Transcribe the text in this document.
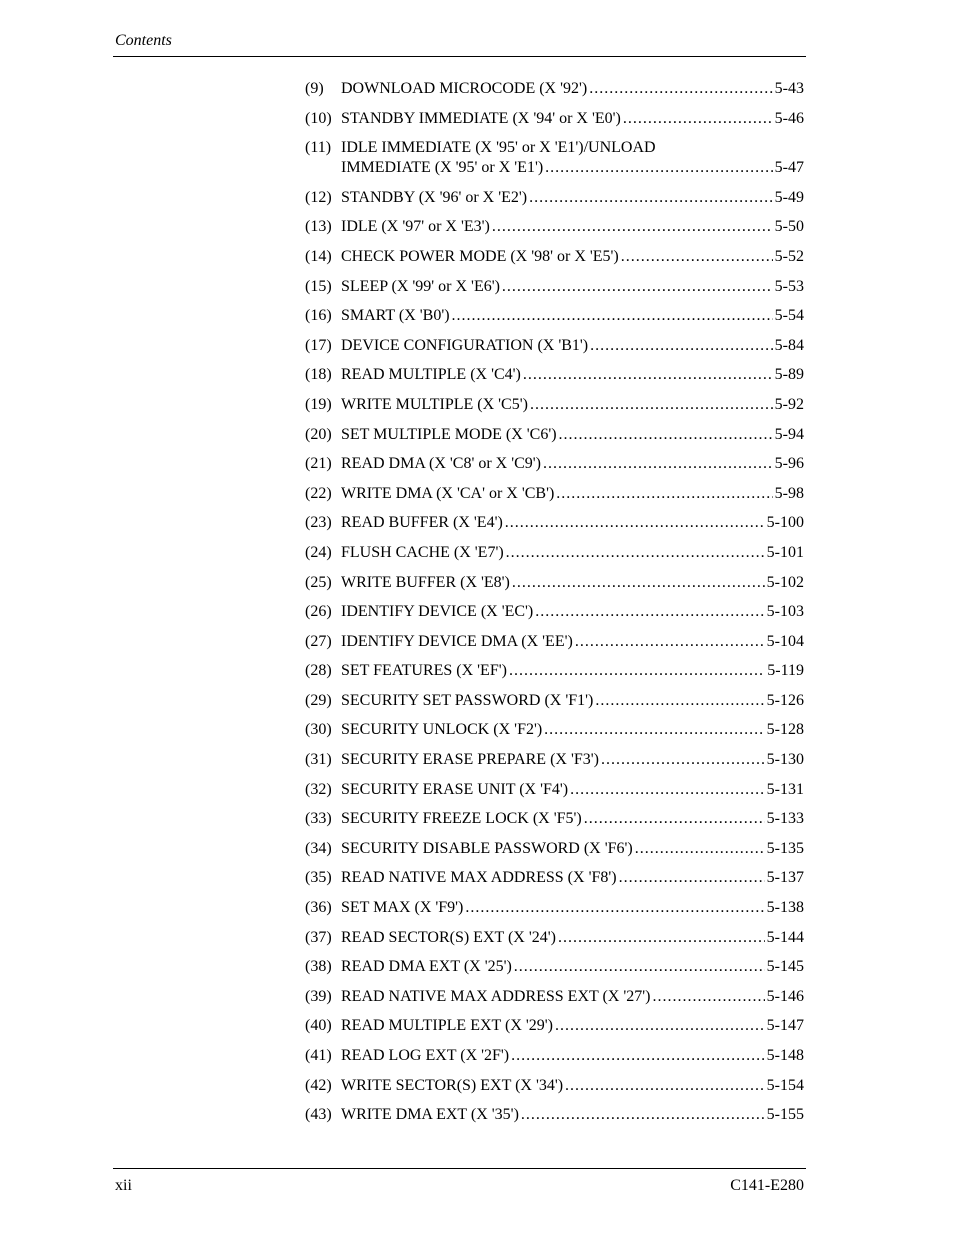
Contents
(9)	DOWNLOAD MICROCODE (X '92') .....	5-43
(10) STANDBY IMMEDIATE (X '94' or X 'E0') .....	5-46
(11) IDLE IMMEDIATE (X '95' or X 'E1')/UNLOAD
IMMEDIATE (X '95' or X 'E1') .....	5-47
(12) STANDBY (X '96' or X 'E2') .....	5-49
(13) IDLE (X '97' or X 'E3') .....	5-50
(14) CHECK POWER MODE (X '98' or X 'E5') .....	5-52
(15) SLEEP (X '99' or X 'E6') .....	5-53
(16) SMART (X 'B0') .....	5-54
(17) DEVICE CONFIGURATION (X 'B1') .....	5-84
(18) READ MULTIPLE (X 'C4') .....	5-89
(19) WRITE MULTIPLE (X 'C5') .....	5-92
(20) SET MULTIPLE MODE (X 'C6') .....	5-94
(21) READ DMA (X 'C8' or X 'C9') .....	5-96
(22) WRITE DMA (X 'CA' or X 'CB') .....	5-98
(23) READ BUFFER (X 'E4') .....	5-100
(24) FLUSH CACHE (X 'E7') .....	5-101
(25) WRITE BUFFER (X 'E8') .....	5-102
(26) IDENTIFY DEVICE (X 'EC') .....	5-103
(27) IDENTIFY DEVICE DMA (X 'EE') .....	5-104
(28) SET FEATURES (X 'EF') .....	5-119
(29) SECURITY SET PASSWORD (X 'F1') .....	5-126
(30) SECURITY UNLOCK (X 'F2') .....	5-128
(31) SECURITY ERASE PREPARE (X 'F3') .....	5-130
(32) SECURITY ERASE UNIT (X 'F4') .....	5-131
(33) SECURITY FREEZE LOCK (X 'F5') .....	5-133
(34) SECURITY DISABLE PASSWORD (X 'F6') .....	5-135
(35) READ NATIVE MAX ADDRESS (X 'F8') .....	5-137
(36) SET MAX (X 'F9') .....	5-138
(37) READ SECTOR(S) EXT (X '24') .....	5-144
(38) READ DMA EXT (X '25') .....	5-145
(39) READ NATIVE MAX ADDRESS EXT (X '27') .....	5-146
(40) READ MULTIPLE EXT (X '29') .....	5-147
(41) READ LOG EXT (X '2F') .....	5-148
(42) WRITE SECTOR(S) EXT (X '34') .....	5-154
(43) WRITE DMA EXT (X '35') .....	5-155
xii	C141-E280
